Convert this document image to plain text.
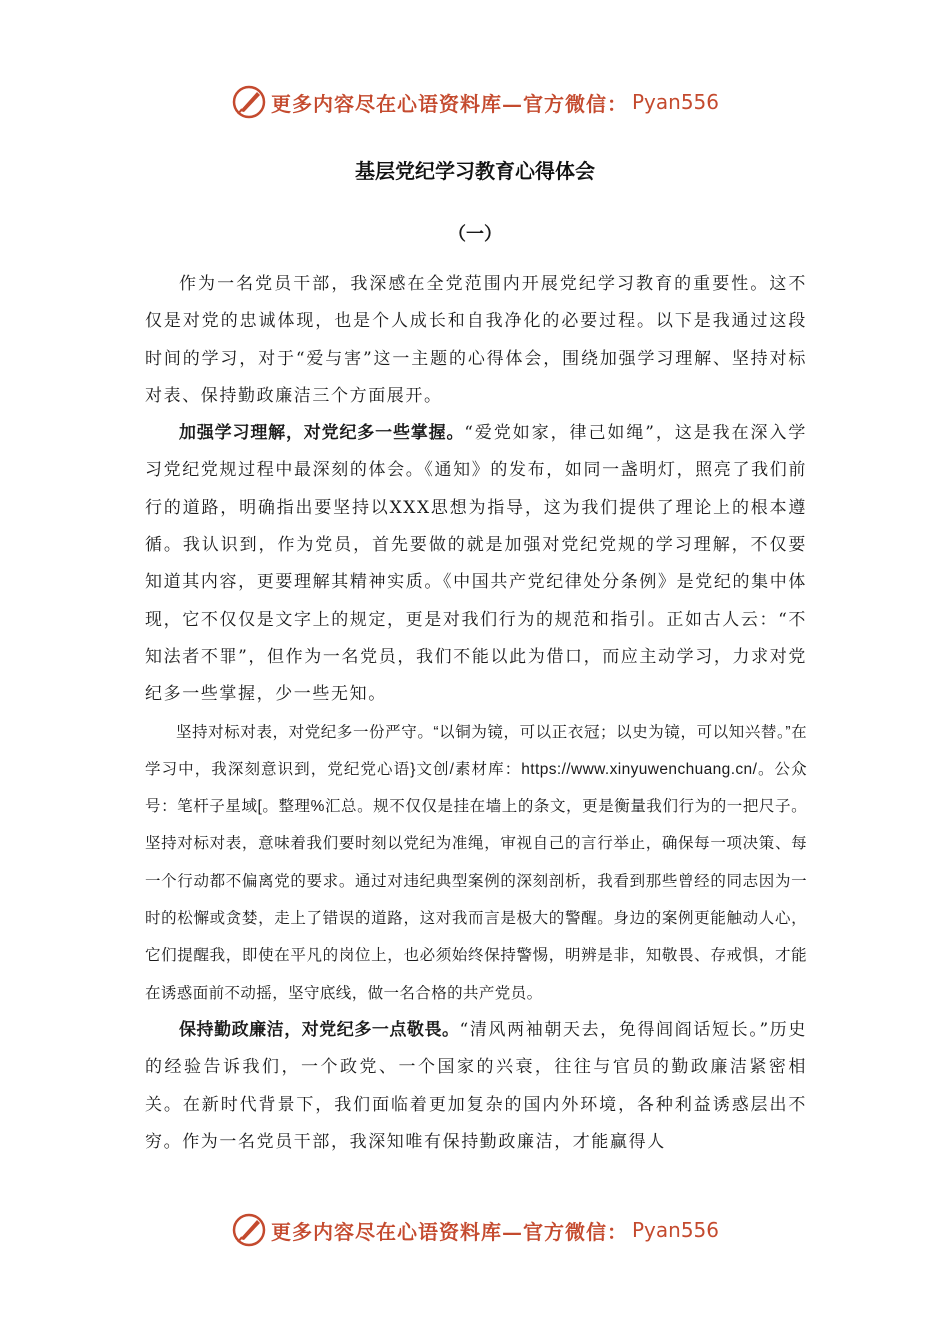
更多内容尽在心语资料库—官方微信： Pyan556
基层党纪学习教育心得体会
（一）

作为一名党员干部，我深感在全党范围内开展党纪学习教育的重要性。这不仅是对党的忠诚体现，也是个人成长和自我净化的必要过程。以下是我通过这段时间的学习，对于“爱与害”这一主题的心得体会，围绕加强学习理解、坚持对标对表、保持勤政廉洁三个方面展开。

加强学习理解，对党纪多一些掌握。“爱党如家，律己如绳”，这是我在深入学习党纪党规过程中最深刻的体会。《通知》的发布，如同一盏明灯，照亮了我们前行的道路，明确指出要坚持以XXX思想为指导，这为我们提供了理论上的根本遵循。我认识到，作为党员，首先要做的就是加强对党纪党规的学习理解，不仅要知道其内容，更要理解其精神实质。《中国共产党纪律处分条例》是党纪的集中体现，它不仅仅是文字上的规定，更是对我们行为的规范和指引。正如古人云：“不知法者不罪”，但作为一名党员，我们不能以此为借口，而应主动学习，力求对党纪多一些掌握，少一些无知。

坚持对标对表，对党纪多一份严守。“以铜为镜，可以正衣冠；以史为镜，可以知兴替。”在学习中，我深刻意识到，党纪党心语}文创/素材库：https://www.xinyuwenchuang.cn/。公众号：笔杆子星域[。整理%汇总。规不仅仅是挂在墙上的条文，更是衡量我们行为的一把尺子。坚持对标对表，意味着我们要时刻以党纪为准绳，审视自己的言行举止，确保每一项决策、每一个行动都不偏离党的要求。通过对违纪典型案例的深刻剖析，我看到那些曾经的同志因为一时的松懈或贪婪，走上了错误的道路，这对我而言是极大的警醒。身边的案例更能触动人心，它们提醒我，即使在平凡的岗位上，也必须始终保持警惕，明辨是非，知敬畏、存戒惧，才能在诱惑面前不动摇，坚守底线，做一名合格的共产党员。

保持勤政廉洁，对党纪多一点敬畏。“清风两袖朝天去，免得闾阎话短长。”历史的经验告诉我们，一个政党、一个国家的兴衰，往往与官员的勤政廉洁紧密相关。在新时代背景下，我们面临着更加复杂的国内外环境，各种利益诱惑层出不穷。作为一名党员干部，我深知唯有保持勤政廉洁，才能赢得人

更多内容尽在心语资料库—官方微信： Pyan556
